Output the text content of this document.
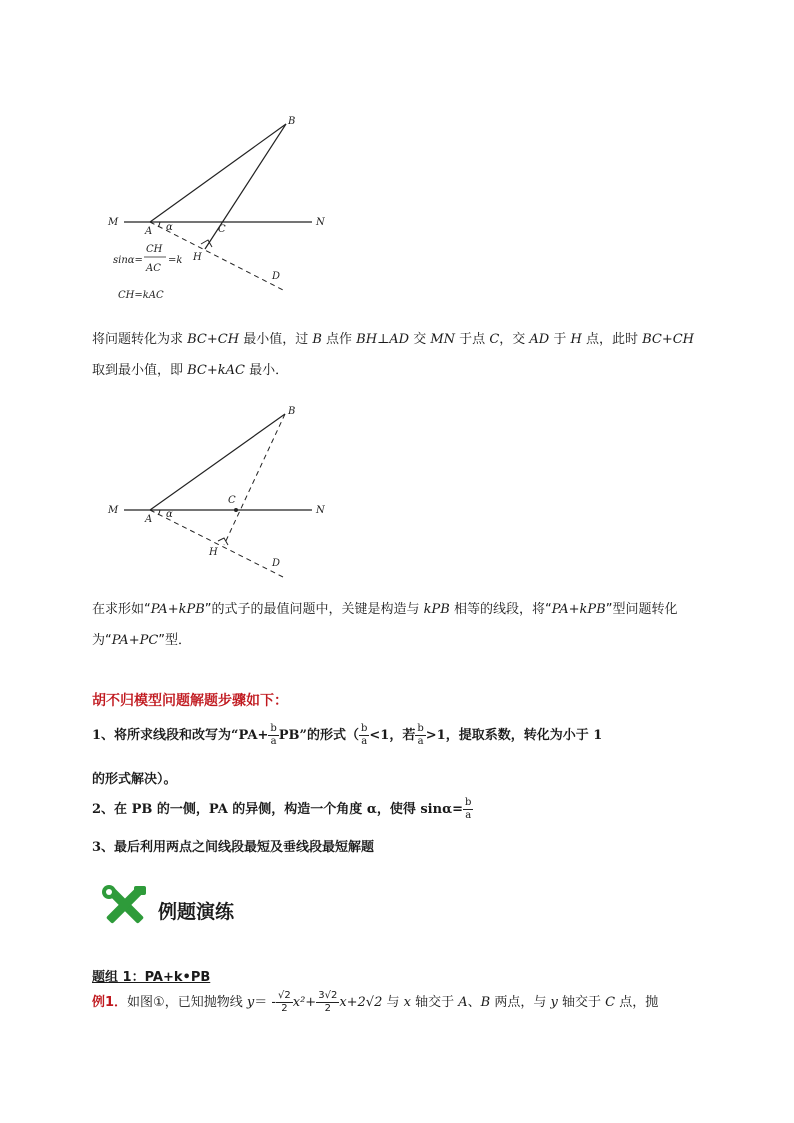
B
M	N
A α	C
H
D
sinα=
CH
AC
=k
CH=kAC
将问题转化为求 BC+CH 最小值，过 B 点作 BH⊥AD 交 MN 于点 C，交 AD 于 H 点，此时 BC+CH
取到最小值，即 BC+kAC 最小．
B
M	N
A α
C
H
D
在求形如“PA+kPB”的式子的最值问题中，关键是构造与 kPB 相等的线段，将“PA+kPB”型问题转化
为“PA+PC”型．
胡不归模型问题解题步骤如下：
1、将所求线段和改写为“$PA+ \frac{b}{a}$ PB”的形式（ $\frac{b}{a} <1$，若 $\frac{b}{a} >1$，提取系数，转化为小于 1
的形式解决）。
2、在 PB 的一侧，PA 的异侧，构造一个角度 α，使得 $\sin\alpha= \frac{b}{a}$
3、最后利用两点之间线段最短及垂线段最短解题
例题演练
题组 1：PA+k•PB
例1．如图①，已知抛物线 $y= - \frac{√2}{2} x^2+ \frac{3√2}{2} x+2√2$ 与 x 轴交于 A、B 两点，与 y 轴交于 C 点，抛
